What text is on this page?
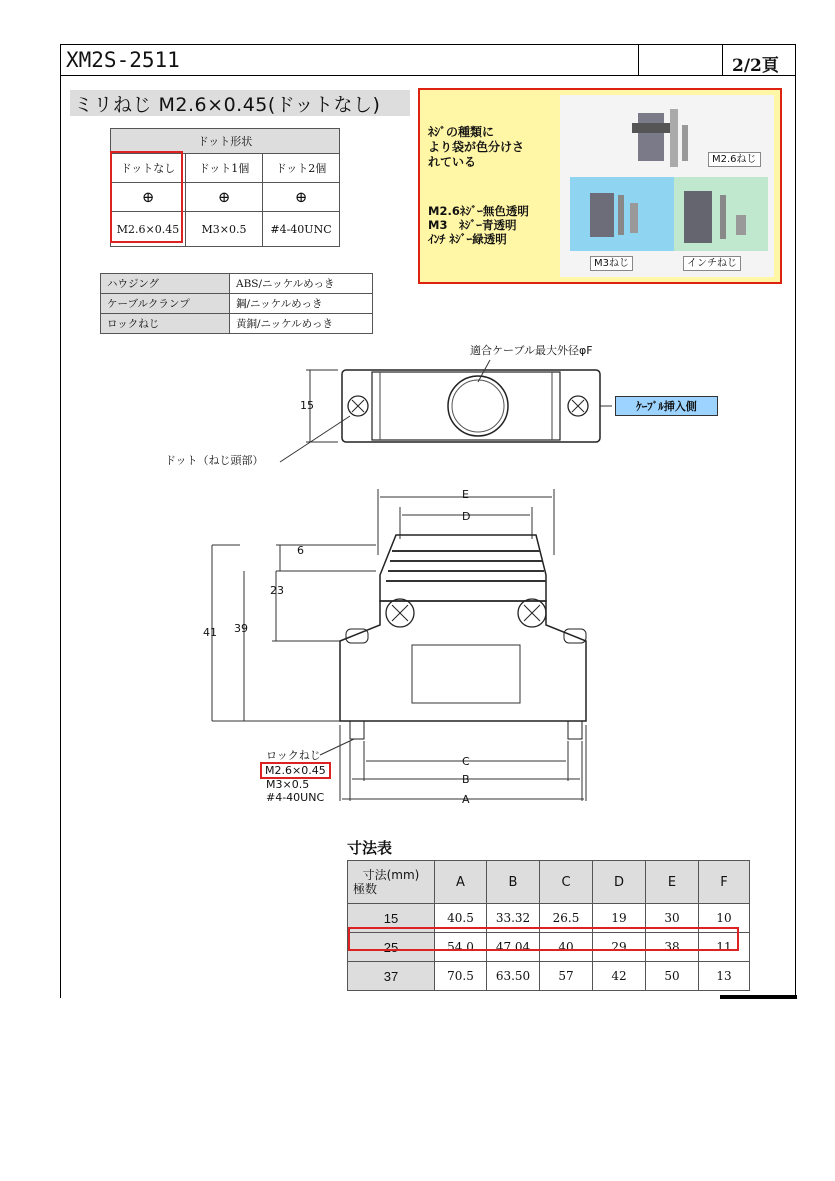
XM2S-2511	2/2頁
ミリねじ M2.6×0.45(ドットなし)
ドット形状		
ドットなし	ドット1個	ドット2個
⊕	⊕	⊕
M2.6×0.45	M3×0.5	#4-40UNC
ハウジング	ABS/ニッケルめっき
ケーブルクランプ	鋼/ニッケルめっき
ロックねじ	黄銅/ニッケルめっき
ﾈｼﾞの種類に
より袋が色分けさ
れている
M2.6ﾈｼﾞｰ無色透明
M3　ﾈｼﾞｰ青透明
ｲﾝﾁ ﾈｼﾞｰ緑透明
M2.6ねじ
M3ねじ	インチねじ
適合ケーブル最大外径φF
15	ｹｰﾌﾞﾙ挿入側
ドット（ねじ頭部）
E
D
6
23
41 39
C
B
A
ロックねじ
M2.6×0.45
M3×0.5
#4-40UNC
寸法表
寸法(mm)
極数	A	B	C	D	E	F
15	40.5	33.32	26.5	19	30	10
25	54.0	47.04	40	29	38	11
37	70.5	63.50	57	42	50	13
